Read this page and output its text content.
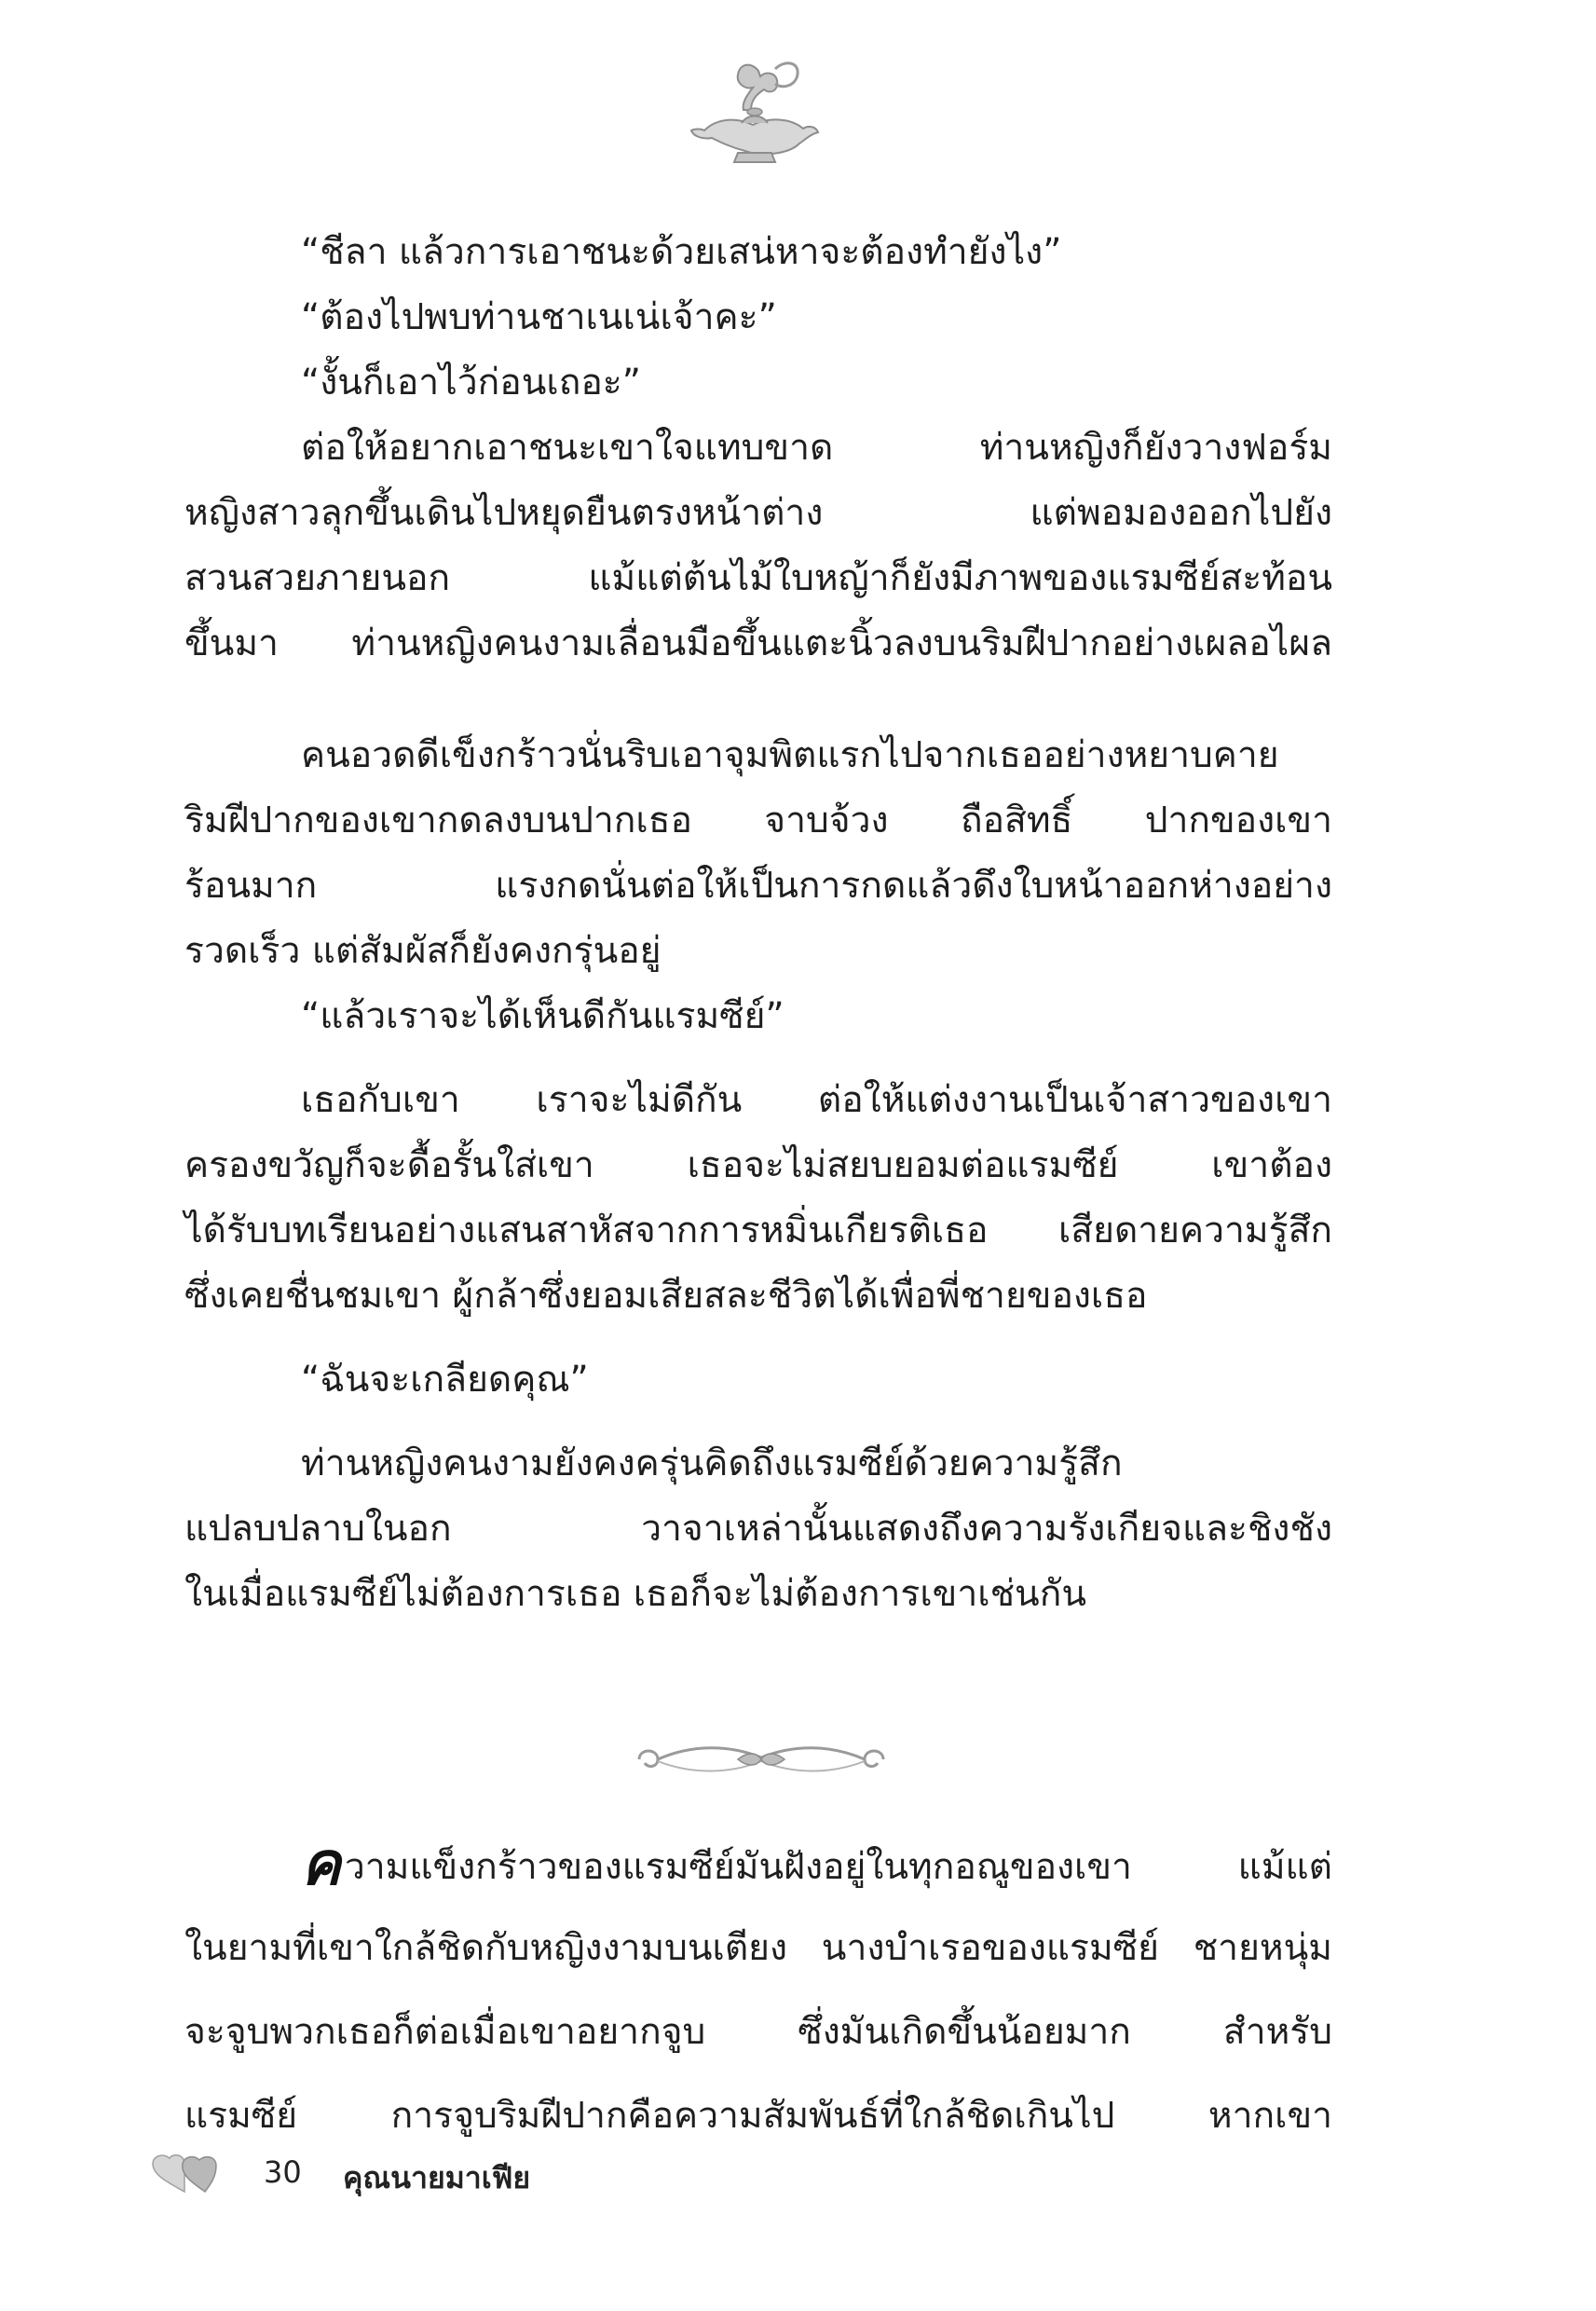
“ชีลา แล้วการเอาชนะด้วยเสน่หาจะต้องทำยังไง”
“ต้องไปพบท่านชาเนเน่เจ้าคะ”
“งั้นก็เอาไว้ก่อนเถอะ”
ต่อให้อยากเอาชนะเขาใจแทบขาด ท่านหญิงก็ยังวางฟอร์ม
หญิงสาวลุกขึ้นเดินไปหยุดยืนตรงหน้าต่าง แต่พอมองออกไปยัง
สวนสวยภายนอก แม้แต่ต้นไม้ใบหญ้าก็ยังมีภาพของแรมซีย์สะท้อน
ขึ้นมา ท่านหญิงคนงามเลื่อนมือขึ้นแตะนิ้วลงบนริมฝีปากอย่างเผลอไผล
คนอวดดีเข็งกร้าวนั่นริบเอาจุมพิตแรกไปจากเธออย่างหยาบคาย
ริมฝีปากของเขากดลงบนปากเธอ จาบจ้วง ถือสิทธิ์ ปากของเขา
ร้อนมาก แรงกดนั่นต่อให้เป็นการกดแล้วดึงใบหน้าออกห่างอย่าง
รวดเร็ว แต่สัมผัสก็ยังคงกรุ่นอยู่
“แล้วเราจะได้เห็นดีกันแรมซีย์”
เธอกับเขา เราจะไม่ดีกัน ต่อให้แต่งงานเป็นเจ้าสาวของเขา
ครองขวัญก็จะดื้อรั้นใส่เขา เธอจะไม่สยบยอมต่อแรมซีย์ เขาต้อง
ได้รับบทเรียนอย่างแสนสาหัสจากการหมิ่นเกียรติเธอ เสียดายความรู้สึก
ซึ่งเคยชื่นชมเขา ผู้กล้าซึ่งยอมเสียสละชีวิตได้เพื่อพี่ชายของเธอ
“ฉันจะเกลียดคุณ”
ท่านหญิงคนงามยังคงครุ่นคิดถึงแรมซีย์ด้วยความรู้สึก
แปลบปลาบในอก วาจาเหล่านั้นแสดงถึงความรังเกียจและชิงชัง
ในเมื่อแรมซีย์ไม่ต้องการเธอ เธอก็จะไม่ต้องการเขาเช่นกัน
ความแข็งกร้าวของแรมซีย์มันฝังอยู่ในทุกอณูของเขา แม้แต่
ในยามที่เขาใกล้ชิดกับหญิงงามบนเตียง นางบำเรอของแรมซีย์ ชายหนุ่ม
จะจูบพวกเธอก็ต่อเมื่อเขาอยากจูบ ซึ่งมันเกิดขึ้นน้อยมาก สำหรับ
แรมซีย์ การจูบริมฝีปากคือความสัมพันธ์ที่ใกล้ชิดเกินไป หากเขา
30 คุณนายมาเฟีย
